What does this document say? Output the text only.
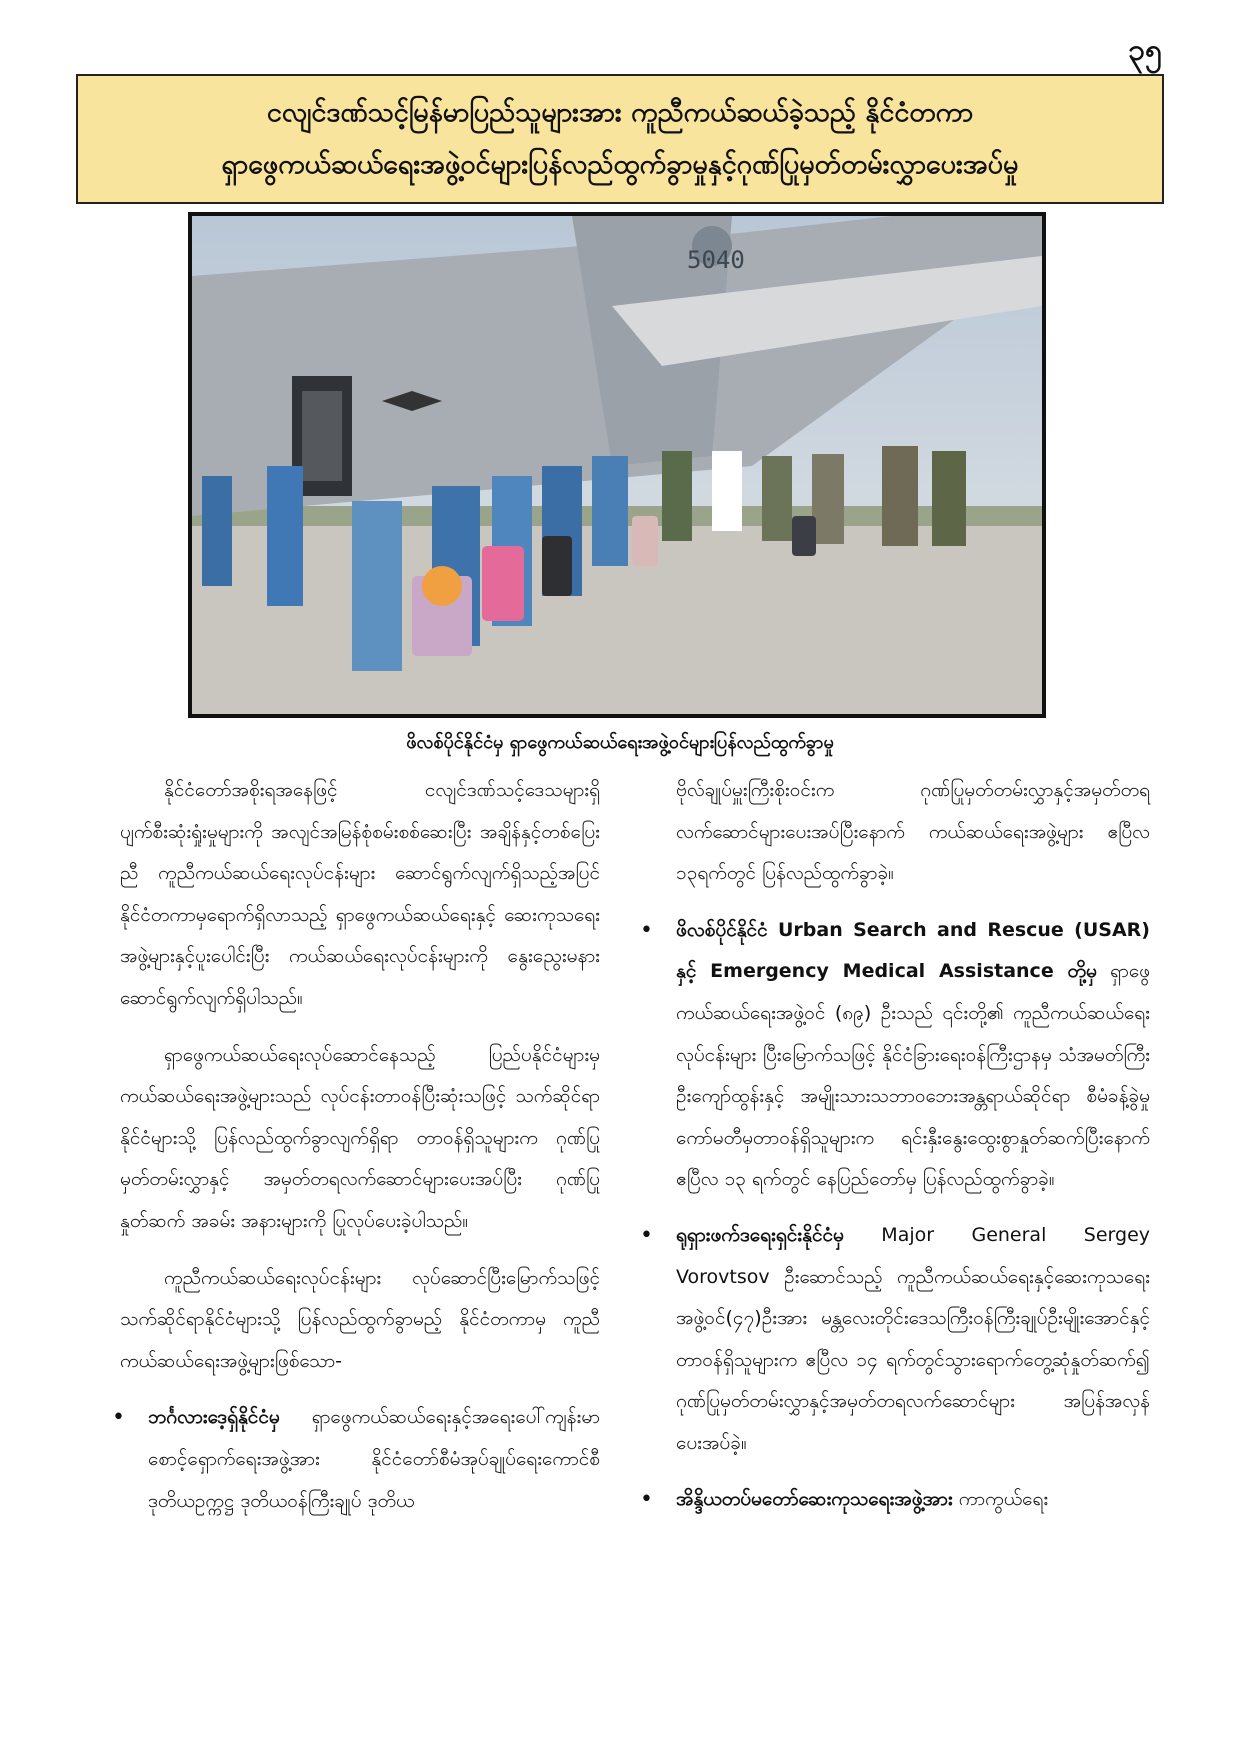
၃၅
ငလျင်ဒဏ်သင့်မြန်မာပြည်သူများအား ကူညီကယ်ဆယ်ခဲ့သည့် နိုင်ငံတကာ
ရှာဖွေကယ်ဆယ်ရေးအဖွဲ့ဝင်များပြန်လည်ထွက်ခွာမှုနှင့်ဂုဏ်ပြုမှတ်တမ်းလွှာပေးအပ်မှု
5040
ဖိလစ်ပိုင်နိုင်ငံမှ ရှာဖွေကယ်ဆယ်ရေးအဖွဲ့ဝင်များပြန်လည်ထွက်ခွာမှု

နိုင်ငံတော်အစိုးရအနေဖြင့် ငလျင်ဒဏ်သင့်ဒေသများရှိ ပျက်စီးဆုံးရှုံးမှုများကို အလျင်အမြန်စုံစမ်းစစ်ဆေးပြီး အချိန်နှင့်တစ်ပြေးညီ ကူညီကယ်ဆယ်ရေးလုပ်ငန်းများ ဆောင်ရွက်လျက်ရှိသည့်အပြင် နိုင်ငံတကာမှရောက်ရှိလာသည့် ရှာဖွေကယ်ဆယ်ရေးနှင့် ဆေးကုသရေးအဖွဲ့များနှင့်ပူးပေါင်းပြီး ကယ်ဆယ်ရေးလုပ်ငန်းများကို နွေးညွေးမနား ဆောင်ရွက်လျက်ရှိပါသည်။

ရှာဖွေကယ်ဆယ်ရေးလုပ်ဆောင်နေသည့် ပြည်ပနိုင်ငံများမှ ကယ်ဆယ်ရေးအဖွဲ့များသည် လုပ်ငန်းတာဝန်ပြီးဆုံးသဖြင့် သက်ဆိုင်ရာနိုင်ငံများသို့ ပြန်လည်ထွက်ခွာလျက်ရှိရာ တာဝန်ရှိသူများက ဂုဏ်ပြုမှတ်တမ်းလွှာနှင့် အမှတ်တရလက်ဆောင်များပေးအပ်ပြီး ဂုဏ်ပြုနှုတ်ဆက် အခမ်း အနားများကို ပြုလုပ်ပေးခဲ့ပါသည်။

ကူညီကယ်ဆယ်ရေးလုပ်ငန်းများ လုပ်ဆောင်ပြီးမြောက်သဖြင့် သက်ဆိုင်ရာနိုင်ငံများသို့ ပြန်လည်ထွက်ခွာမည့် နိုင်ငံတကာမှ ကူညီကယ်ဆယ်ရေးအဖွဲ့များဖြစ်သော-

• ဘင်္ဂလားဒေ့ရှ်နိုင်ငံမှ ရှာဖွေကယ်ဆယ်ရေးနှင့်အရေးပေါ်ကျန်းမာစောင့်ရှောက်ရေးအဖွဲ့အား နိုင်ငံတော်စီမံအုပ်ချုပ်ရေးကောင်စီဒုတိယဥက္ကဋ္ဌ ဒုတိယဝန်ကြီးချုပ် ဒုတိယ

ဗိုလ်ချုပ်မှူးကြီးစိုးဝင်းက ဂုဏ်ပြုမှတ်တမ်းလွှာနှင့်အမှတ်တရလက်ဆောင်များပေးအပ်ပြီးနောက် ကယ်ဆယ်ရေးအဖွဲ့များ ဧပြီလ ၁၃ရက်တွင် ပြန်လည်ထွက်ခွာခဲ့။

• ဖိလစ်ပိုင်နိုင်ငံ Urban Search and Rescue (USAR) နှင့် Emergency Medical Assistance တို့မှ ရှာဖွေကယ်ဆယ်ရေးအဖွဲ့ဝင် (၈၉) ဦးသည် ၎င်းတို့၏ ကူညီကယ်ဆယ်ရေးလုပ်ငန်းများ ပြီးမြောက်သဖြင့် နိုင်ငံခြားရေးဝန်ကြီးဌာနမှ သံအမတ်ကြီးဦးကျော်ထွန်းနှင့် အမျိုးသားသဘာဝဘေးအန္တရာယ်ဆိုင်ရာ စီမံခန့်ခွဲမှုကော်မတီမှတာဝန်ရှိသူများက ရင်းနှီးနွေးထွေးစွာနှုတ်ဆက်ပြီးနောက် ဧပြီလ ၁၃ ရက်တွင် နေပြည်တော်မှ ပြန်လည်ထွက်ခွာခဲ့။
• ရုရှားဖက်ဒရေးရှင်းနိုင်ငံမှ Major General Sergey Vorovtsov ဦးဆောင်သည့် ကူညီကယ်ဆယ်ရေးနှင့်ဆေးကုသရေးအဖွဲ့ဝင်(၄၇)ဦးအား မန္တလေးတိုင်းဒေသကြီးဝန်ကြီးချုပ်ဦးမျိုးအောင်နှင့်တာဝန်ရှိသူများက ဧပြီလ ၁၄ ရက်တွင်သွားရောက်တွေ့ဆုံနှုတ်ဆက်၍ ဂုဏ်ပြုမှတ်တမ်းလွှာနှင့်အမှတ်တရလက်ဆောင်များ အပြန်အလှန်ပေးအပ်ခဲ့။
• အိန္ဒိယတပ်မတော်ဆေးကုသရေးအဖွဲ့အား ကာကွယ်ရေး
